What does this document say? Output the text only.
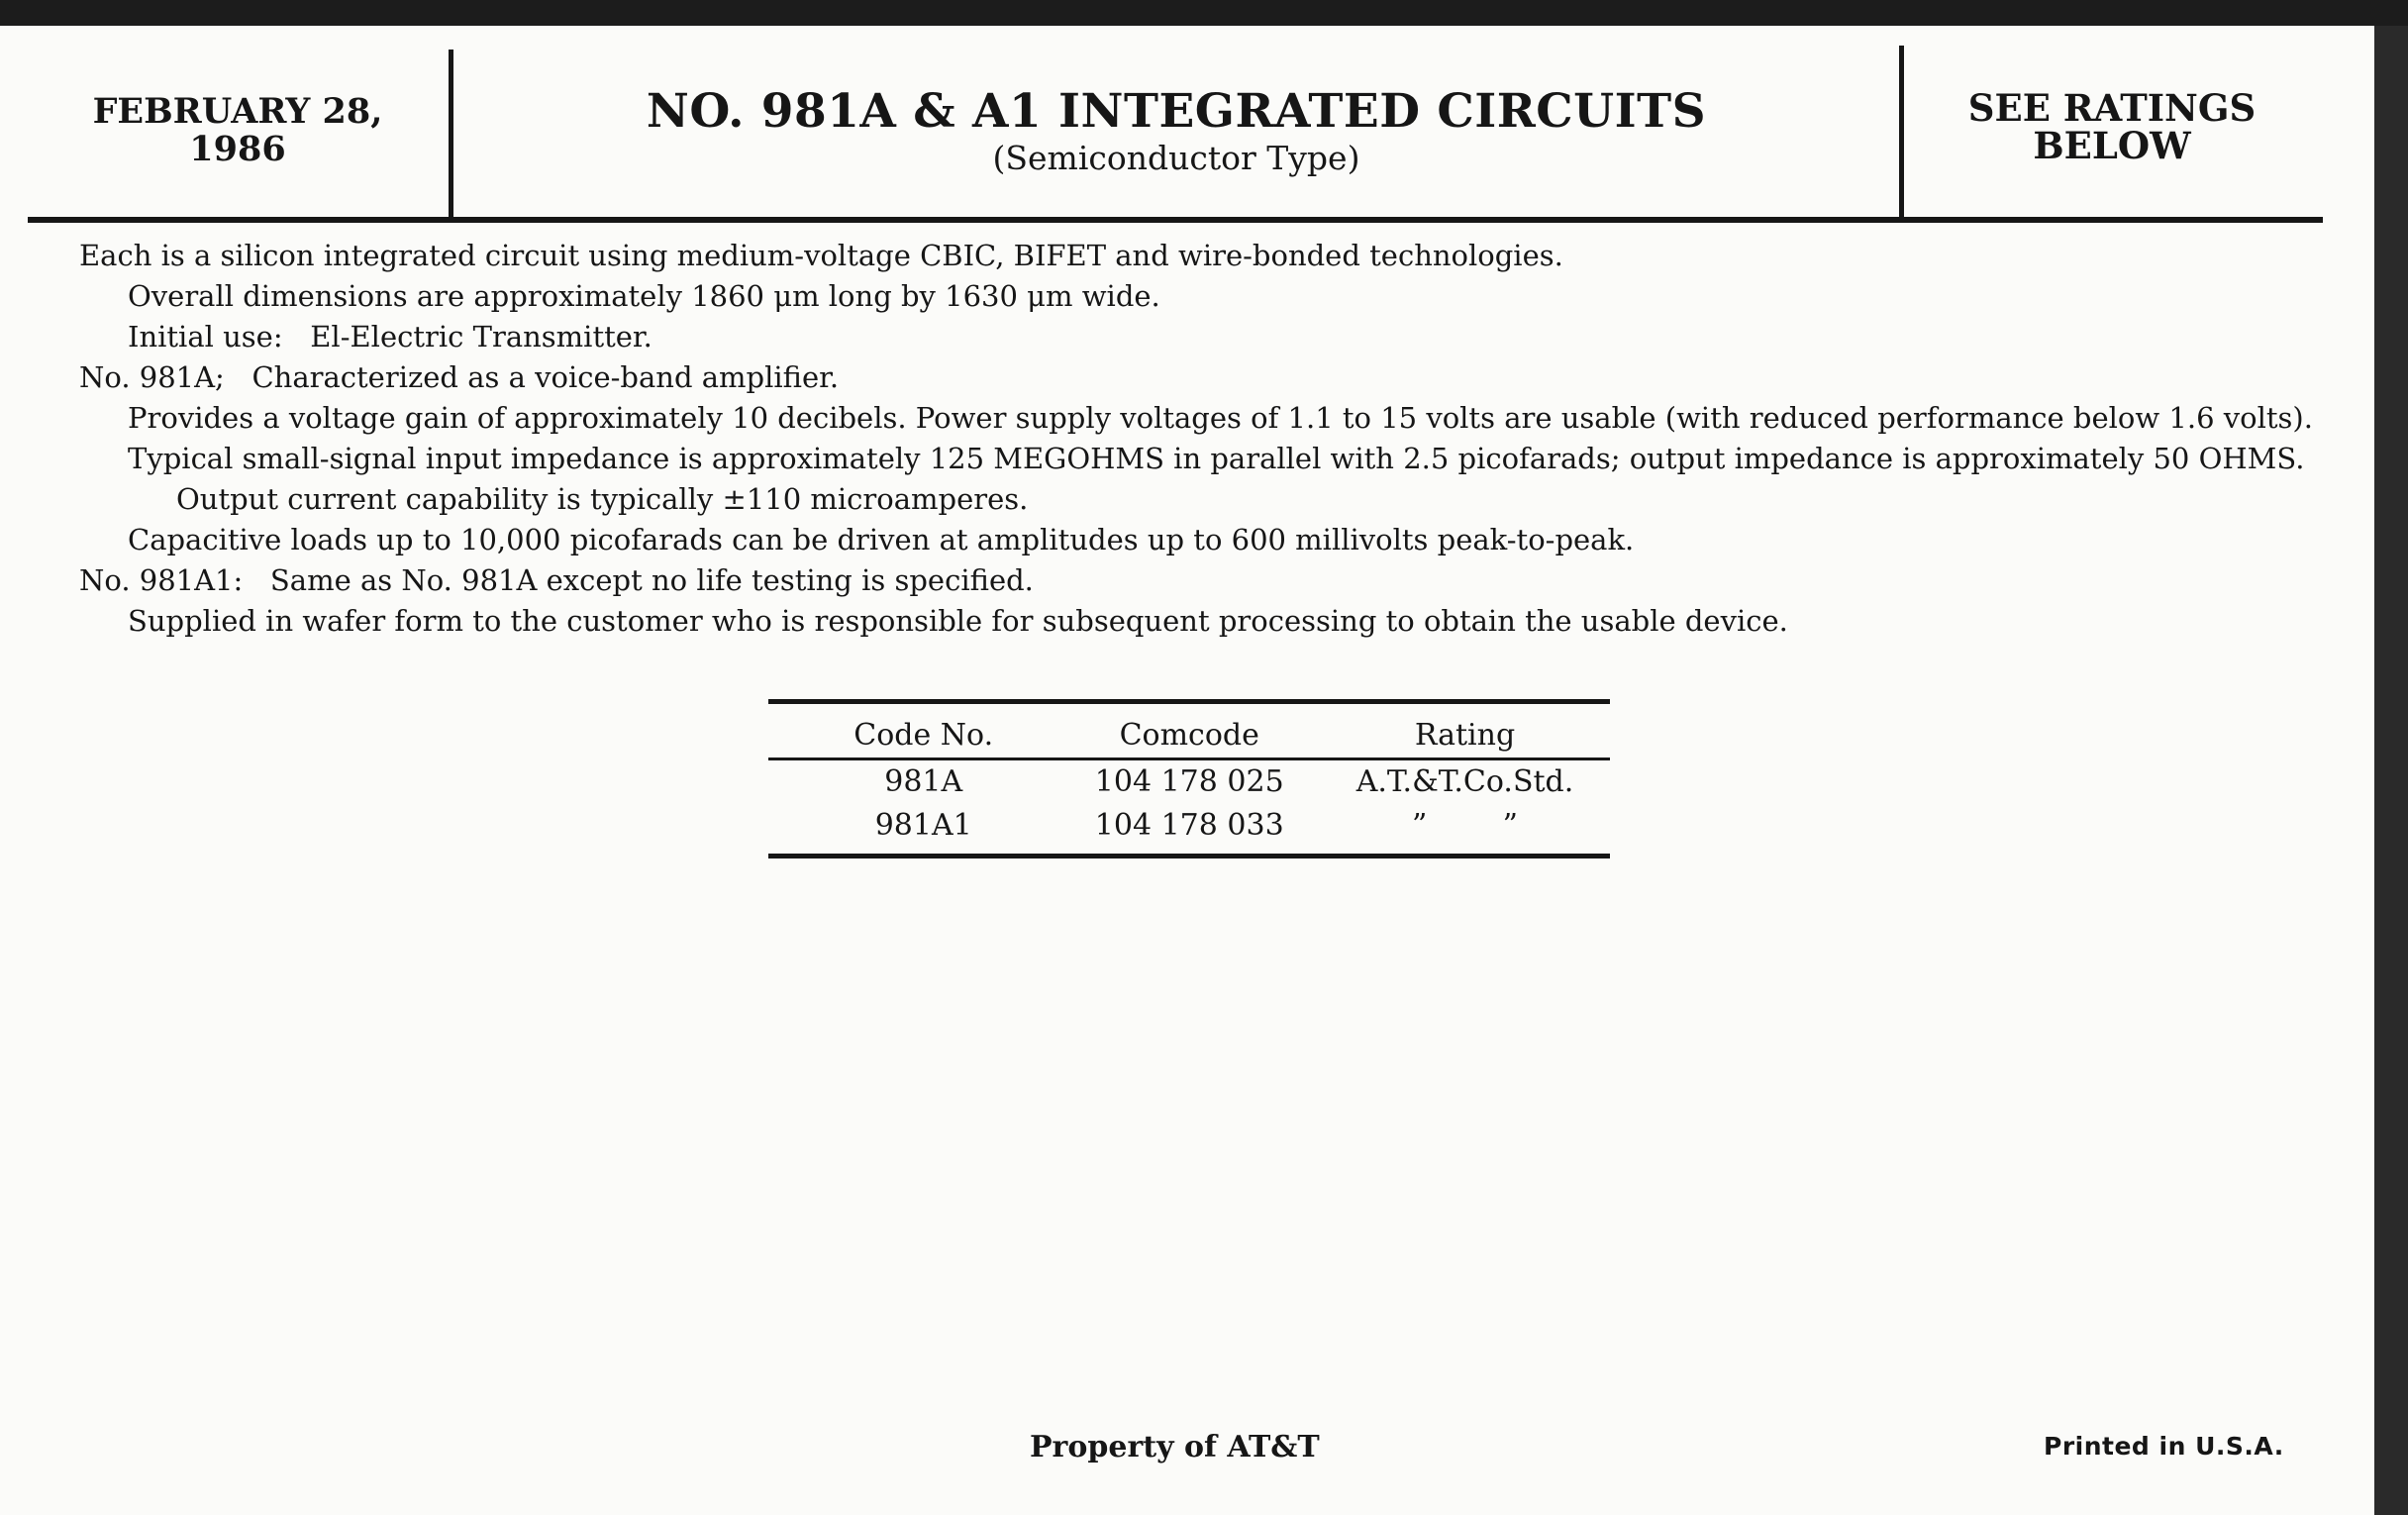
FEBRUARY 28,
1986
NO. 981A & A1 INTEGRATED CIRCUITS
(Semiconductor Type)
SEE RATINGS
BELOW

Each is a silicon integrated circuit using medium-voltage CBIC, BIFET and wire-bonded technologies.

Overall dimensions are approximately 1860 μm long by 1630 μm wide.

Initial use:   El-Electric Transmitter.

No. 981A;   Characterized as a voice-band amplifier.

Provides a voltage gain of approximately 10 decibels. Power supply voltages of 1.1 to 15 volts are usable (with reduced performance below 1.6 volts).

Typical small-signal input impedance is approximately 125 MEGOHMS in parallel with 2.5 picofarads; output impedance is approximately 50 OHMS. Output current capability is typically ±110 microamperes.

Capacitive loads up to 10,000 picofarads can be driven at amplitudes up to 600 millivolts peak-to-peak.

No. 981A1:   Same as No. 981A except no life testing is specified.

Supplied in wafer form to the customer who is responsible for subsequent processing to obtain the usable device.

Code No.	Comcode	Rating
981A	104 178 025	A.T.&T.Co.Std.
981A1	104 178 033	”        ”
Property of AT&T	Printed in U.S.A.
